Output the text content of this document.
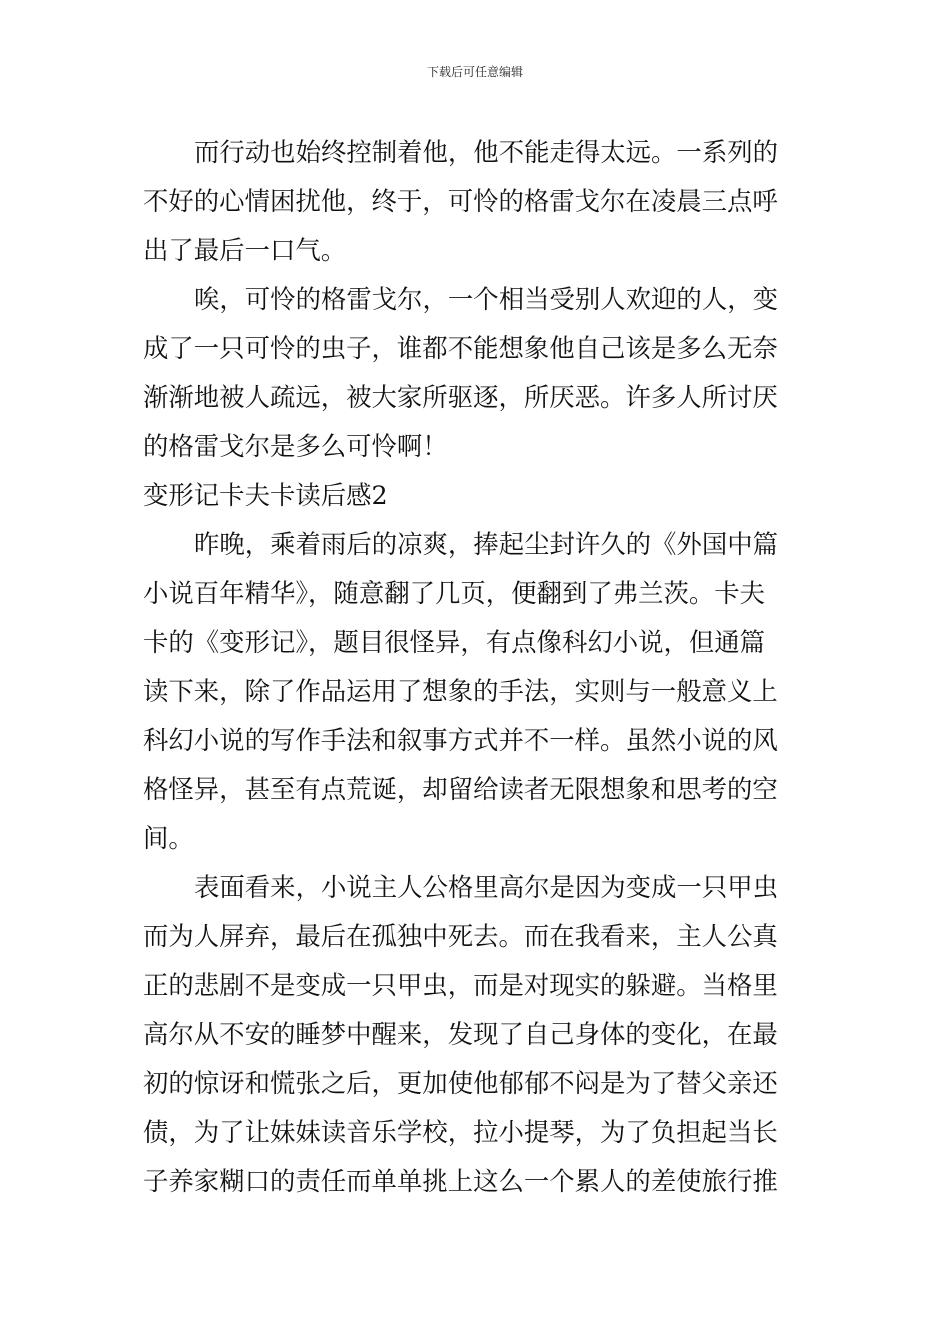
下载后可任意编辑
而行动也始终控制着他，他不能走得太远。一系列的
不好的心情困扰他，终于，可怜的格雷戈尔在凌晨三点呼
出了最后一口气。
唉，可怜的格雷戈尔，一个相当受别人欢迎的人，变
成了一只可怜的虫子，谁都不能想象他自己该是多么无奈
渐渐地被人疏远，被大家所驱逐，所厌恶。许多人所讨厌
的格雷戈尔是多么可怜啊！
变形记卡夫卡读后感2
昨晚，乘着雨后的凉爽，捧起尘封许久的《外国中篇
小说百年精华》，随意翻了几页，便翻到了弗兰茨。卡夫
卡的《变形记》，题目很怪异，有点像科幻小说，但通篇
读下来，除了作品运用了想象的手法，实则与一般意义上
科幻小说的写作手法和叙事方式并不一样。虽然小说的风
格怪异，甚至有点荒诞，却留给读者无限想象和思考的空
间。
表面看来，小说主人公格里高尔是因为变成一只甲虫
而为人屏弃，最后在孤独中死去。而在我看来，主人公真
正的悲剧不是变成一只甲虫，而是对现实的躲避。当格里
高尔从不安的睡梦中醒来，发现了自己身体的变化，在最
初的惊讶和慌张之后，更加使他郁郁不闷是为了替父亲还
债，为了让妹妹读音乐学校，拉小提琴，为了负担起当长
子养家糊口的责任而单单挑上这么一个累人的差使旅行推
